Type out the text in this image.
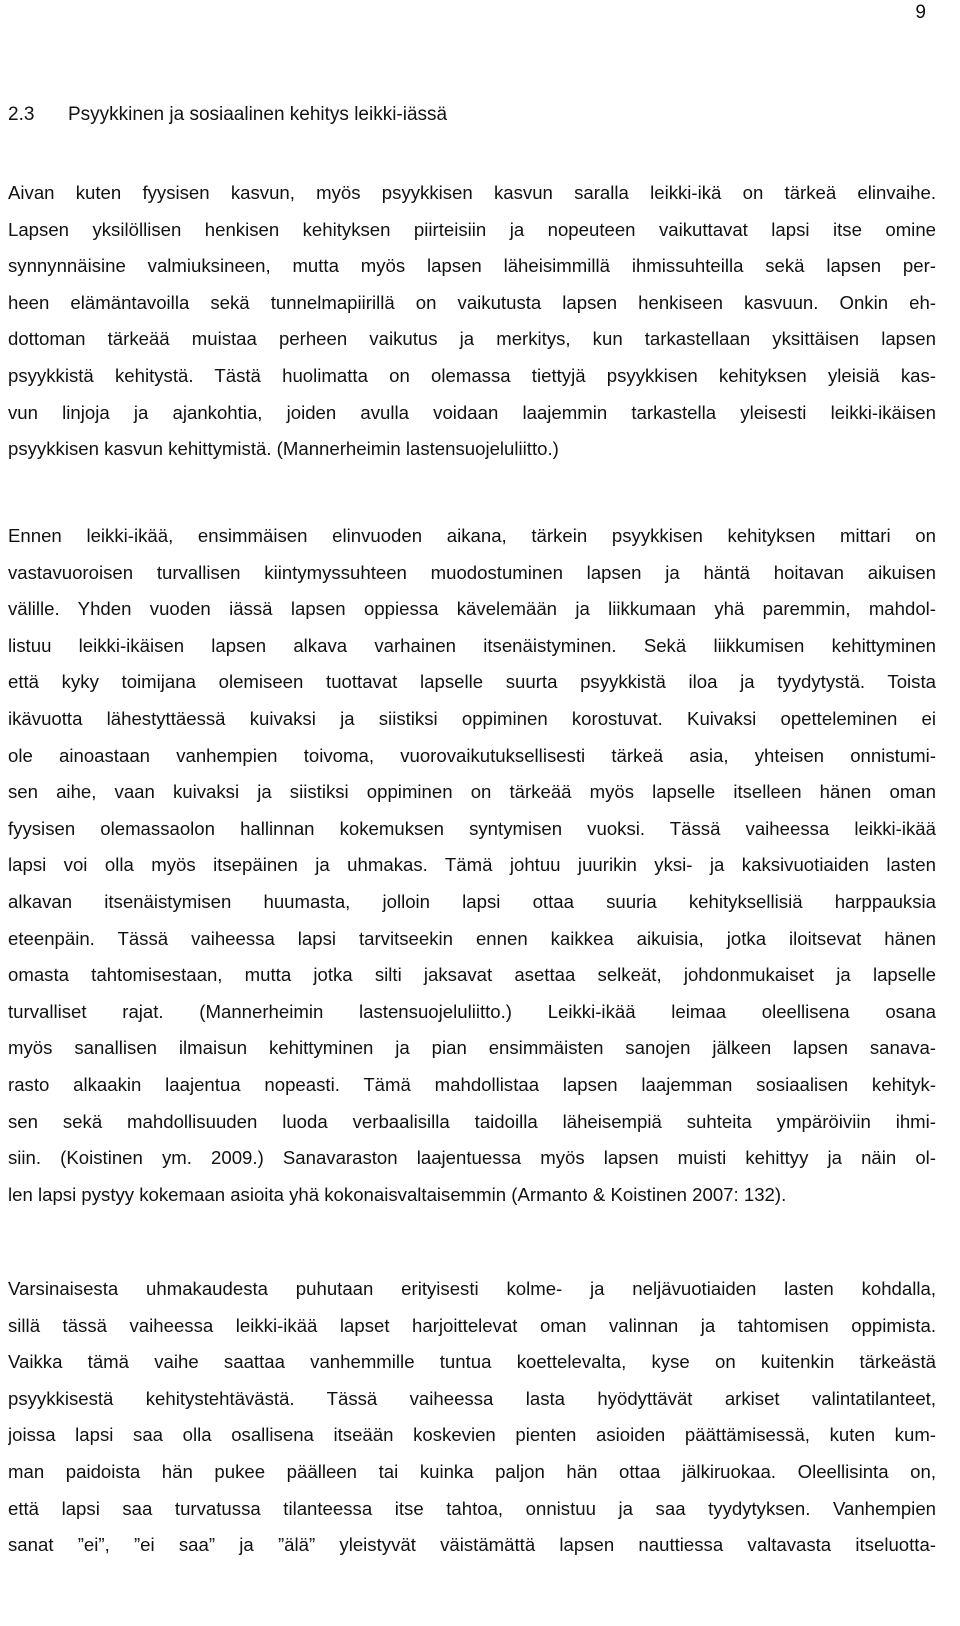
9
2.3 Psyykkinen ja sosiaalinen kehitys leikki-iässä
Aivan kuten fyysisen kasvun, myös psyykkisen kasvun saralla leikki-ikä on tärkeä elinvaihe.
Lapsen yksilöllisen henkisen kehityksen piirteisiin ja nopeuteen vaikuttavat lapsi itse omine
synnynnäisine valmiuksineen, mutta myös lapsen läheisimmillä ihmissuhteilla sekä lapsen per-
heen elämäntavoilla sekä tunnelmapiirillä on vaikutusta lapsen henkiseen kasvuun. Onkin eh-
dottoman tärkeää muistaa perheen vaikutus ja merkitys, kun tarkastellaan yksittäisen lapsen
psyykkistä kehitystä. Tästä huolimatta on olemassa tiettyjä psyykkisen kehityksen yleisiä kas-
vun linjoja ja ajankohtia, joiden avulla voidaan laajemmin tarkastella yleisesti leikki-ikäisen
psyykkisen kasvun kehittymistä. (Mannerheimin lastensuojeluliitto.)
Ennen leikki-ikää, ensimmäisen elinvuoden aikana, tärkein psyykkisen kehityksen mittari on
vastavuoroisen turvallisen kiintymyssuhteen muodostuminen lapsen ja häntä hoitavan aikuisen
välille. Yhden vuoden iässä lapsen oppiessa kävelemään ja liikkumaan yhä paremmin, mahdol-
listuu leikki-ikäisen lapsen alkava varhainen itsenäistyminen. Sekä liikkumisen kehittyminen
että kyky toimijana olemiseen tuottavat lapselle suurta psyykkistä iloa ja tyydytystä. Toista
ikävuotta lähestyttäessä kuivaksi ja siistiksi oppiminen korostuvat. Kuivaksi opetteleminen ei
ole ainoastaan vanhempien toivoma, vuorovaikutuksellisesti tärkeä asia, yhteisen onnistumi-
sen aihe, vaan kuivaksi ja siistiksi oppiminen on tärkeää myös lapselle itselleen hänen oman
fyysisen olemassaolon hallinnan kokemuksen syntymisen vuoksi. Tässä vaiheessa leikki-ikää
lapsi voi olla myös itsepäinen ja uhmakas. Tämä johtuu juurikin yksi- ja kaksivuotiaiden lasten
alkavan itsenäistymisen huumasta, jolloin lapsi ottaa suuria kehityksellisiä harppauksia
eteenpäin. Tässä vaiheessa lapsi tarvitseekin ennen kaikkea aikuisia, jotka iloitsevat hänen
omasta tahtomisestaan, mutta jotka silti jaksavat asettaa selkeät, johdonmukaiset ja lapselle
turvalliset rajat. (Mannerheimin lastensuojeluliitto.) Leikki-ikää leimaa oleellisena osana
myös sanallisen ilmaisun kehittyminen ja pian ensimmäisten sanojen jälkeen lapsen sanava-
rasto alkaakin laajentua nopeasti. Tämä mahdollistaa lapsen laajemman sosiaalisen kehityk-
sen sekä mahdollisuuden luoda verbaalisilla taidoilla läheisempiä suhteita ympäröiviin ihmi-
siin. (Koistinen ym. 2009.) Sanavaraston laajentuessa myös lapsen muisti kehittyy ja näin ol-
len lapsi pystyy kokemaan asioita yhä kokonaisvaltaisemmin (Armanto & Koistinen 2007: 132).
Varsinaisesta uhmakaudesta puhutaan erityisesti kolme- ja neljävuotiaiden lasten kohdalla,
sillä tässä vaiheessa leikki-ikää lapset harjoittelevat oman valinnan ja tahtomisen oppimista.
Vaikka tämä vaihe saattaa vanhemmille tuntua koettelevalta, kyse on kuitenkin tärkeästä
psyykkisestä kehitystehtävästä. Tässä vaiheessa lasta hyödyttävät arkiset valintatilanteet,
joissa lapsi saa olla osallisena itseään koskevien pienten asioiden päättämisessä, kuten kum-
man paidoista hän pukee päälleen tai kuinka paljon hän ottaa jälkiruokaa. Oleellisinta on,
että lapsi saa turvatussa tilanteessa itse tahtoa, onnistuu ja saa tyydytyksen. Vanhempien
sanat ”ei”, ”ei saa” ja ”älä” yleistyvät väistämättä lapsen nauttiessa valtavasta itseluotta-
